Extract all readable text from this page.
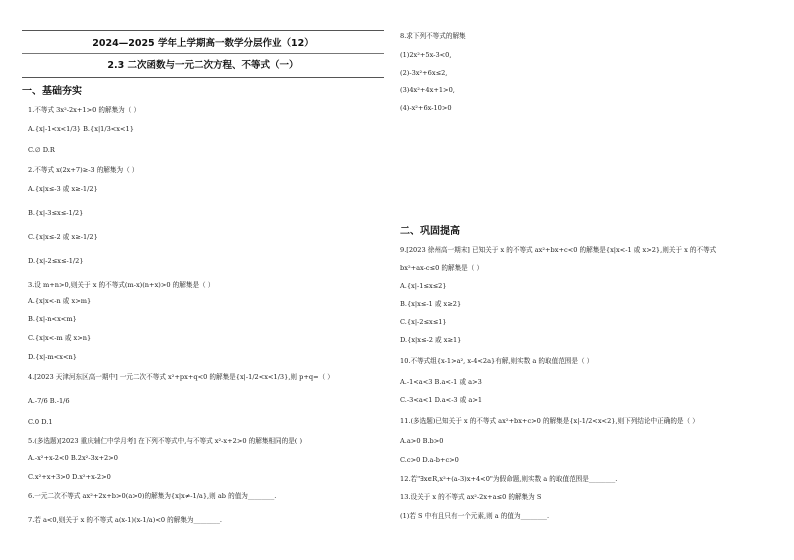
2024—2025 学年上学期高一数学分层作业（12）
2.3 二次函数与一元二次方程、不等式（一）
一、基础夯实
1.不等式 3x²-2x+1>0 的解集为（ ）
A.{x|-1<x<1/3} B.{x|1/3<x<1}
C.∅ D.R
2.不等式 x(2x+7)≥-3 的解集为（ ）
A.{x|x≤-3 或 x≥-1/2}
B.{x|-3≤x≤-1/2}
C.{x|x≤-2 或 x≥-1/2}
D.{x|-2≤x≤-1/2}
3.设 m+n>0,则关于 x 的不等式(m-x)(n+x)>0 的解集是（ ）
A.{x|x<-n 或 x>m}
B.{x|-n<x<m}
C.{x|x<-m 或 x>n}
D.{x|-m<x<n}
4.[2023 天津河东区高一期中] 一元二次不等式 x²+px+q<0 的解集是{x|-1/2<x<1/3},则 p+q=（ ）
A.-7/6 B.-1/6
C.0 D.1
5.(多选题)[2023 重庆辅仁中学月考] 在下列不等式中,与不等式 x²-x+2>0 的解集相同的是( )
A.-x²+x-2<0 B.2x²-3x+2>0
C.x²+x+3>0 D.x²+x-2>0
6.一元二次不等式 ax²+2x+b>0(a>0)的解集为{x|x≠-1/a},则 ab 的值为________.
7.若 a<0,则关于 x 的不等式 a(x-1)(x-1/a)<0 的解集为________.
8.求下列不等式的解集
(1)2x²+5x-3<0,
(2)-3x²+6x≤2,
(3)4x²+4x+1>0,
(4)-x²+6x-10>0
二、巩固提高
9.[2023 徐州高一期末] 已知关于 x 的不等式 ax²+bx+c<0 的解集是{x|x<-1 或 x>2},则关于 x 的不等式
bx²+ax-c≤0 的解集是（ ）
A.{x|-1≤x≤2}
B.{x|x≤-1 或 x≥2}
C.{x|-2≤x≤1}
D.{x|x≤-2 或 x≥1}
10.不等式组{x-1>a², x-4<2a}有解,则实数 a 的取值范围是（ ）
A.-1<a<3 B.a<-1 或 a>3
C.-3<a<1 D.a<-3 或 a>1
11.(多选题)已知关于 x 的不等式 ax²+bx+c>0 的解集是{x|-1/2<x<2},则下列结论中正确的是（ ）
A.a>0 B.b>0
C.c>0 D.a-b+c>0
12.若"∃x∈R,x²+(a-3)x+4<0"为假命题,则实数 a 的取值范围是________.
13.设关于 x 的不等式 ax²-2x+a≤0 的解集为 S
(1)若 S 中有且只有一个元素,则 a 的值为________.
